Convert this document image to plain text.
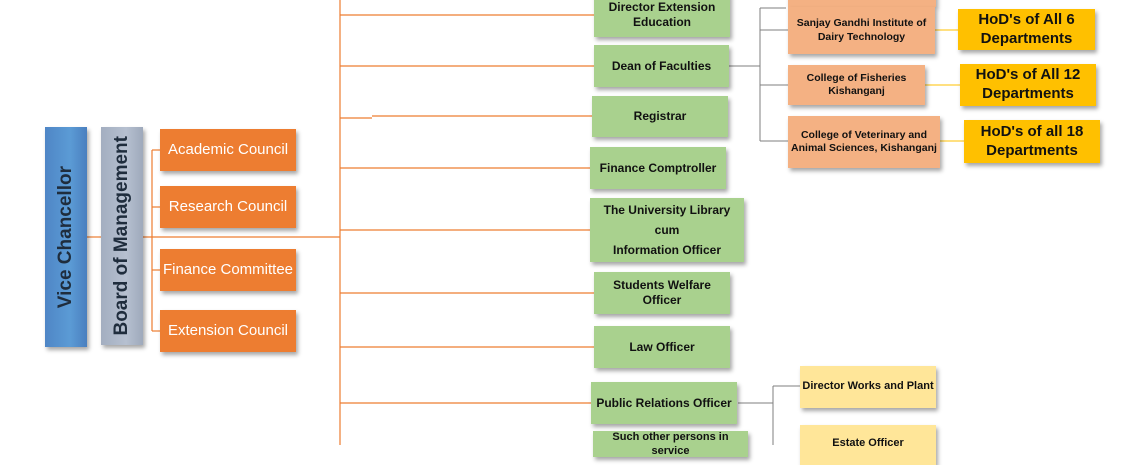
Vice Chancellor Board of Management	Academic Council
Research Council
Finance Committee
Extension Council
Director Extension Education
Dean of Faculties
Registrar
Finance Comptroller
The University Library
cum
Information Officer
Students Welfare Officer
Law Officer
Public Relations Officer
Such other persons in service
Sanjay Gandhi Institute of Dairy Technology
College of Fisheries Kishanganj
College of Veterinary and Animal Sciences, Kishanganj
HoD's of All 6 Departments
HoD's of All 12 Departments
HoD's of all 18 Departments
Director Works and Plant
Estate Officer
